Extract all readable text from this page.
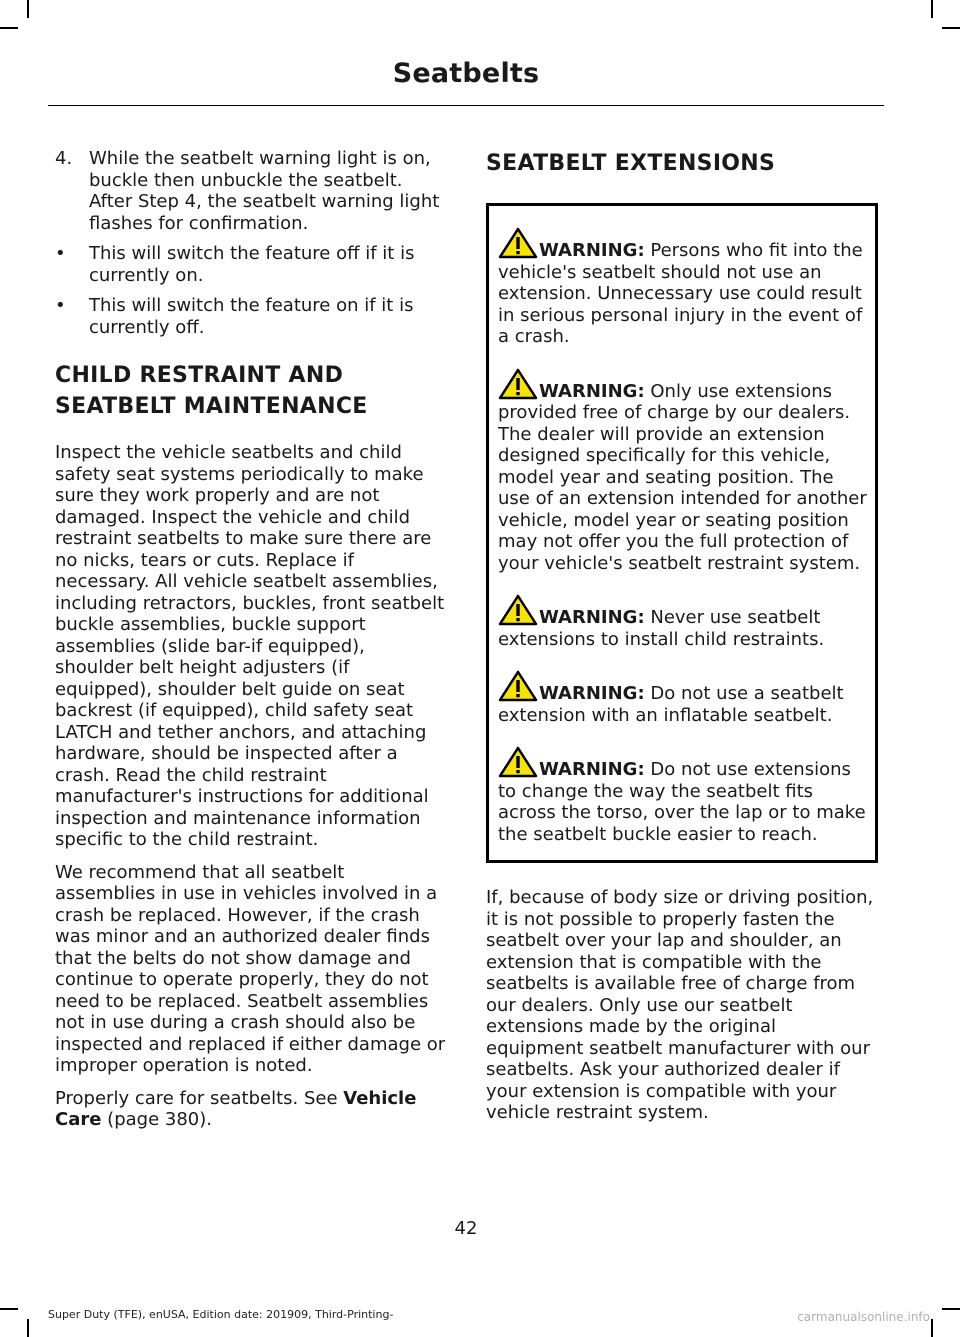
Seatbelts
4. While the seatbelt warning light is on, buckle then unbuckle the seatbelt. After Step 4, the seatbelt warning light flashes for confirmation.
• This will switch the feature off if it is currently on.
• This will switch the feature on if it is currently off.
CHILD RESTRAINT AND SEATBELT MAINTENANCE

Inspect the vehicle seatbelts and child safety seat systems periodically to make sure they work properly and are not damaged. Inspect the vehicle and child restraint seatbelts to make sure there are no nicks, tears or cuts. Replace if necessary. All vehicle seatbelt assemblies, including retractors, buckles, front seatbelt buckle assemblies, buckle support assemblies (slide bar-if equipped), shoulder belt height adjusters (if equipped), shoulder belt guide on seat backrest (if equipped), child safety seat LATCH and tether anchors, and attaching hardware, should be inspected after a crash. Read the child restraint manufacturer's instructions for additional inspection and maintenance information specific to the child restraint.

We recommend that all seatbelt assemblies in use in vehicles involved in a crash be replaced. However, if the crash was minor and an authorized dealer finds that the belts do not show damage and continue to operate properly, they do not need to be replaced. Seatbelt assemblies not in use during a crash should also be inspected and replaced if either damage or improper operation is noted.

Properly care for seatbelts. See Vehicle Care (page 380).

SEATBELT EXTENSIONS

WARNING: Persons who fit into the vehicle's seatbelt should not use an extension. Unnecessary use could result in serious personal injury in the event of a crash.

WARNING: Only use extensions provided free of charge by our dealers. The dealer will provide an extension designed specifically for this vehicle, model year and seating position. The use of an extension intended for another vehicle, model year or seating position may not offer you the full protection of your vehicle's seatbelt restraint system.

WARNING: Never use seatbelt extensions to install child restraints.

WARNING: Do not use a seatbelt extension with an inflatable seatbelt.

WARNING: Do not use extensions to change the way the seatbelt fits across the torso, over the lap or to make the seatbelt buckle easier to reach.

If, because of body size or driving position, it is not possible to properly fasten the seatbelt over your lap and shoulder, an extension that is compatible with the seatbelts is available free of charge from our dealers. Only use our seatbelt extensions made by the original equipment seatbelt manufacturer with our seatbelts. Ask your authorized dealer if your extension is compatible with your vehicle restraint system.

42
Super Duty (TFE), enUSA, Edition date: 201909, Third-Printing-	carmanualsonline.info
